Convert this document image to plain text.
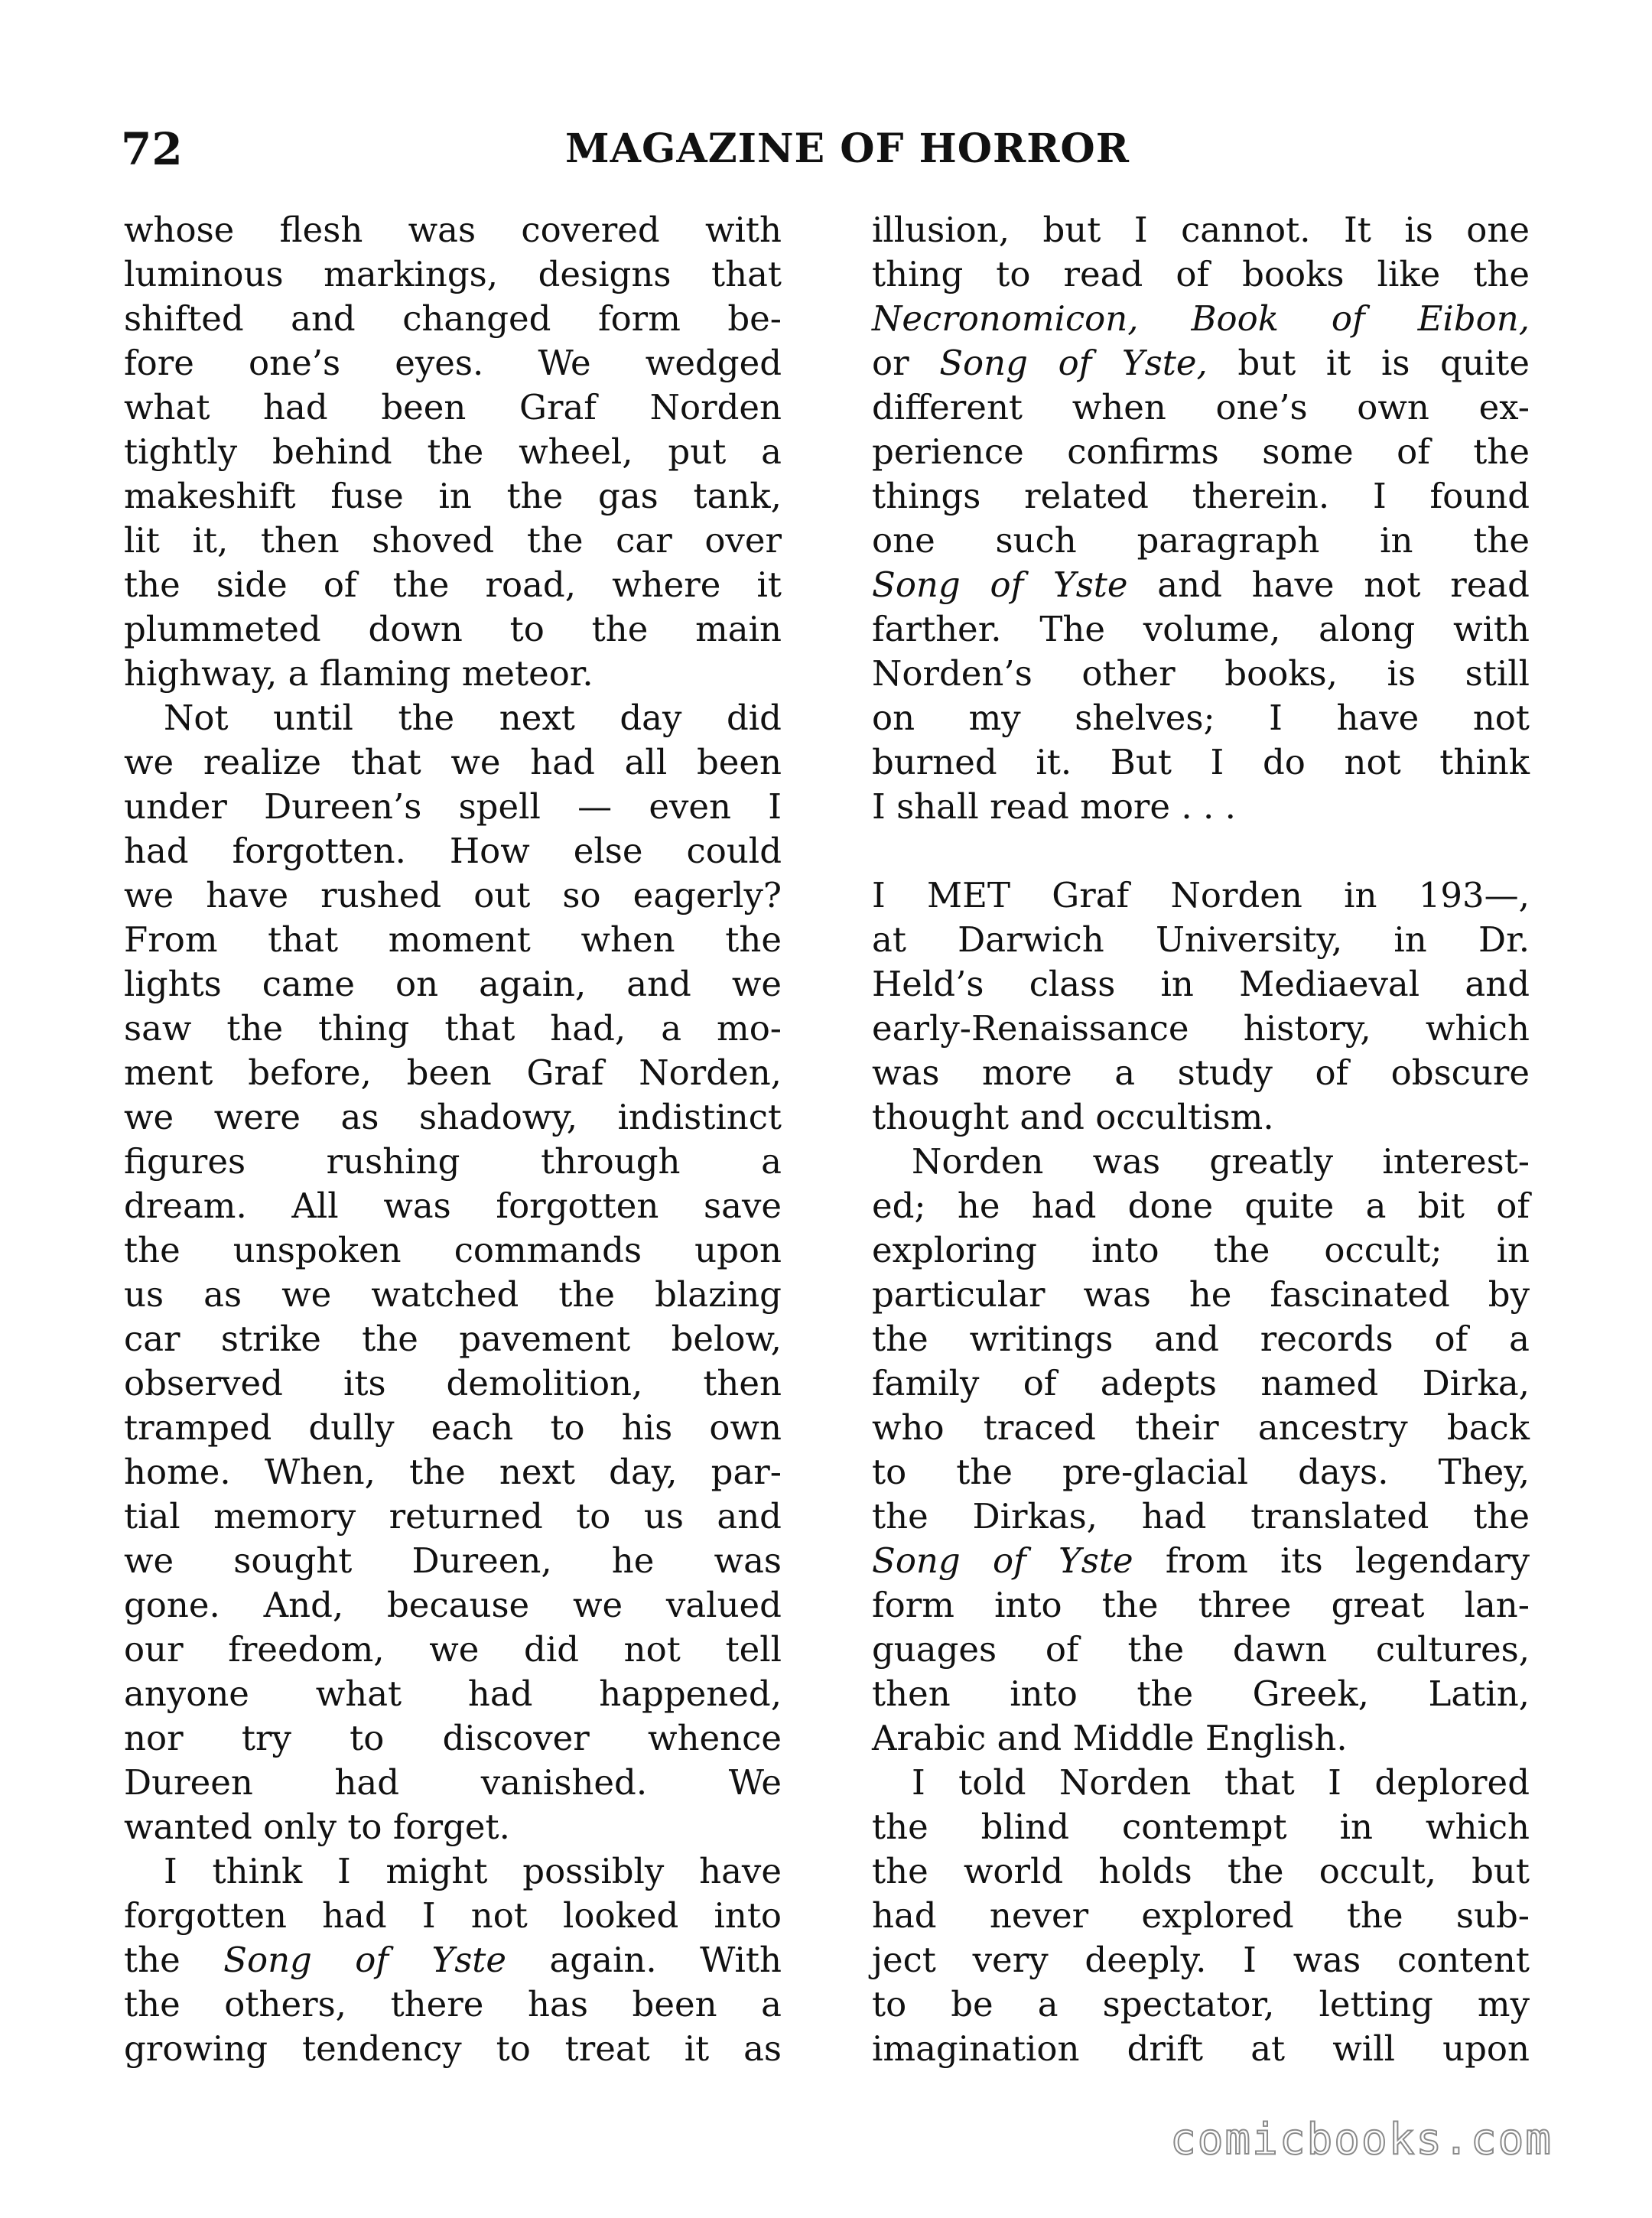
72	MAGAZINE OF HORROR
whose flesh was covered with
luminous markings, designs that
shifted and changed form be-
fore one’s eyes. We wedged
what had been Graf Norden
tightly behind the wheel, put a
makeshift fuse in the gas tank,
lit it, then shoved the car over
the side of the road, where it
plummeted down to the main
highway, a flaming meteor.
Not until the next day did
we realize that we had all been
under Dureen’s spell — even I
had forgotten. How else could
we have rushed out so eagerly?
From that moment when the
lights came on again, and we
saw the thing that had, a mo-
ment before, been Graf Norden,
we were as shadowy, indistinct
figures rushing through a
dream. All was forgotten save
the unspoken commands upon
us as we watched the blazing
car strike the pavement below,
observed its demolition, then
tramped dully each to his own
home. When, the next day, par-
tial memory returned to us and
we sought Dureen, he was
gone. And, because we valued
our freedom, we did not tell
anyone what had happened,
nor try to discover whence
Dureen had vanished. We
wanted only to forget.
I think I might possibly have
forgotten had I not looked into
the Song of Yste again. With
the others, there has been a
growing tendency to treat it as
illusion, but I cannot. It is one
thing to read of books like the
Necronomicon, Book of Eibon,
or Song of Yste, but it is quite
different when one’s own ex-
perience confirms some of the
things related therein. I found
one such paragraph in the
Song of Yste and have not read
farther. The volume, along with
Norden’s other books, is still
on my shelves; I have not
burned it. But I do not think
I shall read more . . .
I MET Graf Norden in 193—,
at Darwich University, in Dr.
Held’s class in Mediaeval and
early-Renaissance history, which
was more a study of obscure
thought and occultism.
Norden was greatly interest-
ed; he had done quite a bit of
exploring into the occult; in
particular was he fascinated by
the writings and records of a
family of adepts named Dirka,
who traced their ancestry back
to the pre-glacial days. They,
the Dirkas, had translated the
Song of Yste from its legendary
form into the three great lan-
guages of the dawn cultures,
then into the Greek, Latin,
Arabic and Middle English.
I told Norden that I deplored
the blind contempt in which
the world holds the occult, but
had never explored the sub-
ject very deeply. I was content
to be a spectator, letting my
imagination drift at will upon
comicbooks.com
